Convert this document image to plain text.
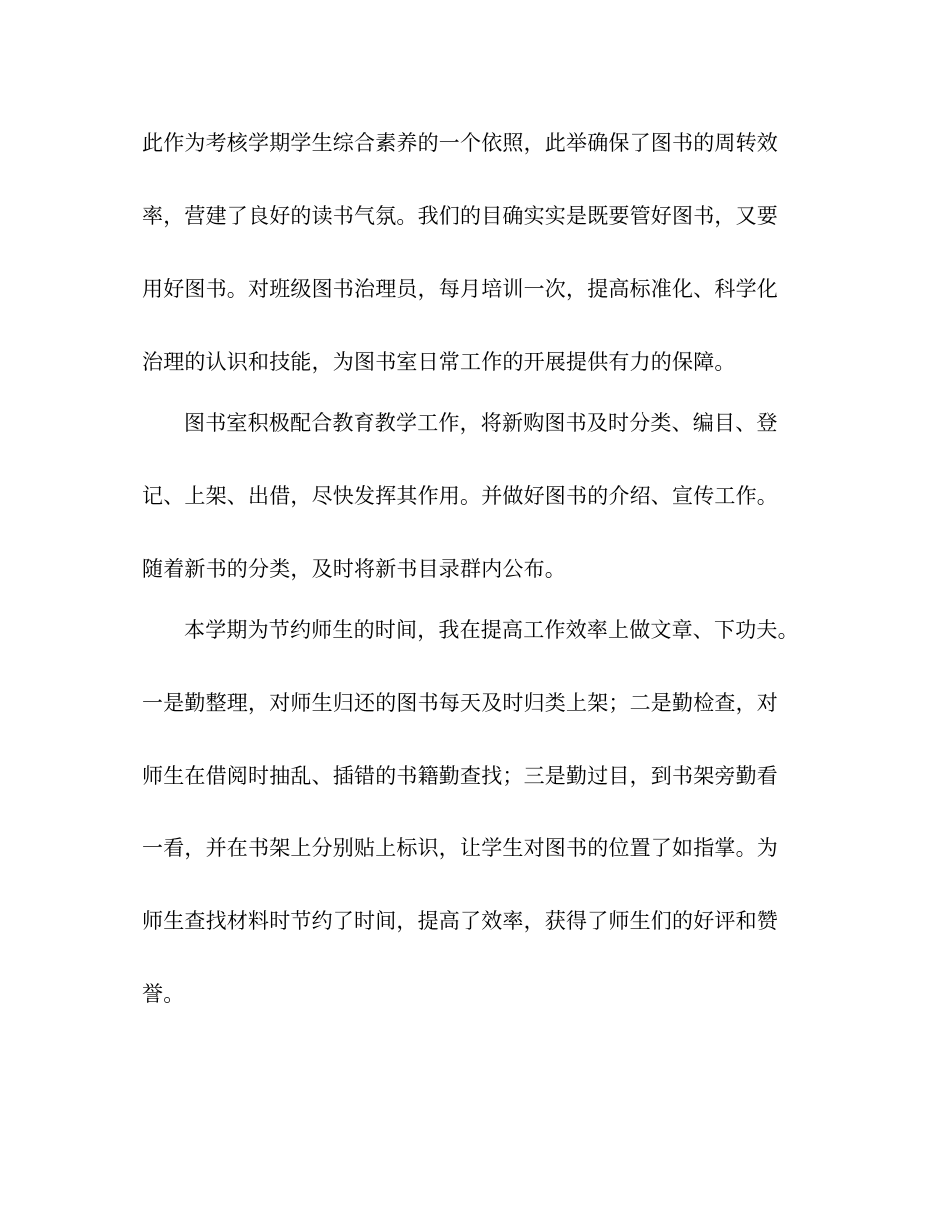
此作为考核学期学生综合素养的一个依照，此举确保了图书的周转效
率，营建了良好的读书气氛。我们的目确实实是既要管好图书，又要
用好图书。对班级图书治理员，每月培训一次，提高标准化、科学化
治理的认识和技能，为图书室日常工作的开展提供有力的保障。
图书室积极配合教育教学工作，将新购图书及时分类、编目、登
记、上架、出借，尽快发挥其作用。并做好图书的介绍、宣传工作。
随着新书的分类，及时将新书目录群内公布。
本学期为节约师生的时间，我在提高工作效率上做文章、下功夫。
一是勤整理，对师生归还的图书每天及时归类上架；二是勤检查，对
师生在借阅时抽乱、插错的书籍勤查找；三是勤过目，到书架旁勤看
一看，并在书架上分别贴上标识，让学生对图书的位置了如指掌。为
师生查找材料时节约了时间，提高了效率，获得了师生们的好评和赞
誉。
